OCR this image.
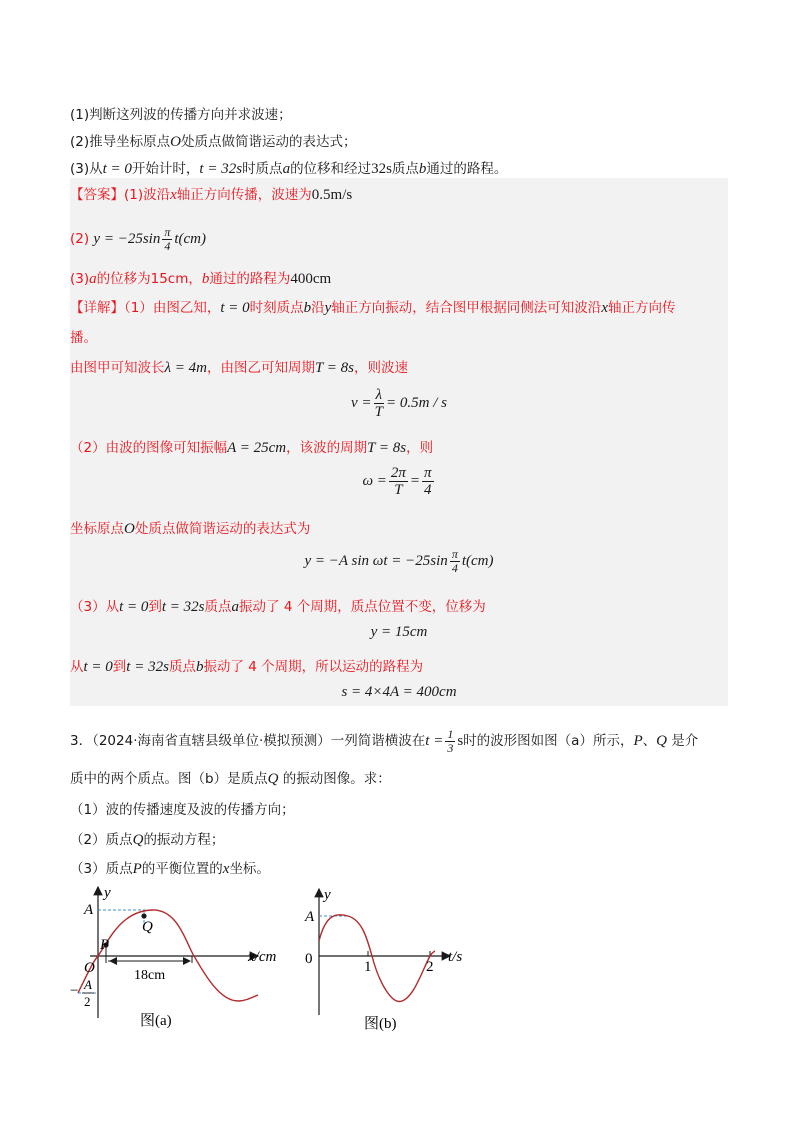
(1)判断这列波的传播方向并求波速；
(2)推导坐标原点O处质点做简谐运动的表达式；
(3)从t = 0开始计时，t = 32s时质点a的位移和经过32s质点b通过的路程。
【答案】(1)波沿x轴正方向传播，波速为0.5m/s
(2) $y = -25\sin \frac{\pi}{4} t(cm)$
(3)a的位移为15cm，b通过的路程为400cm
【详解】（1）由图乙知，t = 0时刻质点b沿y轴正方向振动，结合图甲根据同侧法可知波沿x轴正方向传
播。
由图甲可知波长λ = 4m，由图乙可知周期T = 8s，则波速
$v = \frac{\lambda}{T} = 0.5m / s$
（2）由波的图像可知振幅A = 25cm，该波的周期T = 8s，则
$\omega = \frac{2\pi}{T} = \frac{\pi}{4}$
坐标原点O处质点做简谐运动的表达式为
y = −A $\sin \omega t = -25\sin \frac{\pi}{4} t(cm)$
（3）从t = 0到t = 32s质点a振动了 4 个周期，质点位置不变，位移为
y = 15cm
从t = 0到t = 32s质点b振动了 4 个周期，所以运动的路程为
s = 4×4A = 400cm
3．（2024·海南省直辖县级单位·模拟预测）一列简谐横波在$t = \frac{1}{3}$ s时的波形图如图（a）所示，P、Q 是介
质中的两个质点。图（b）是质点Q 的振动图像。求：
（1）波的传播速度及波的传播方向；
（2）质点Q的振动方程；
（3）质点P的平衡位置的x坐标。
y
A
Q
P
O
x/cm
18cm
− A
2
图(a)
y
A
0	1	2
t/s
图(b)
